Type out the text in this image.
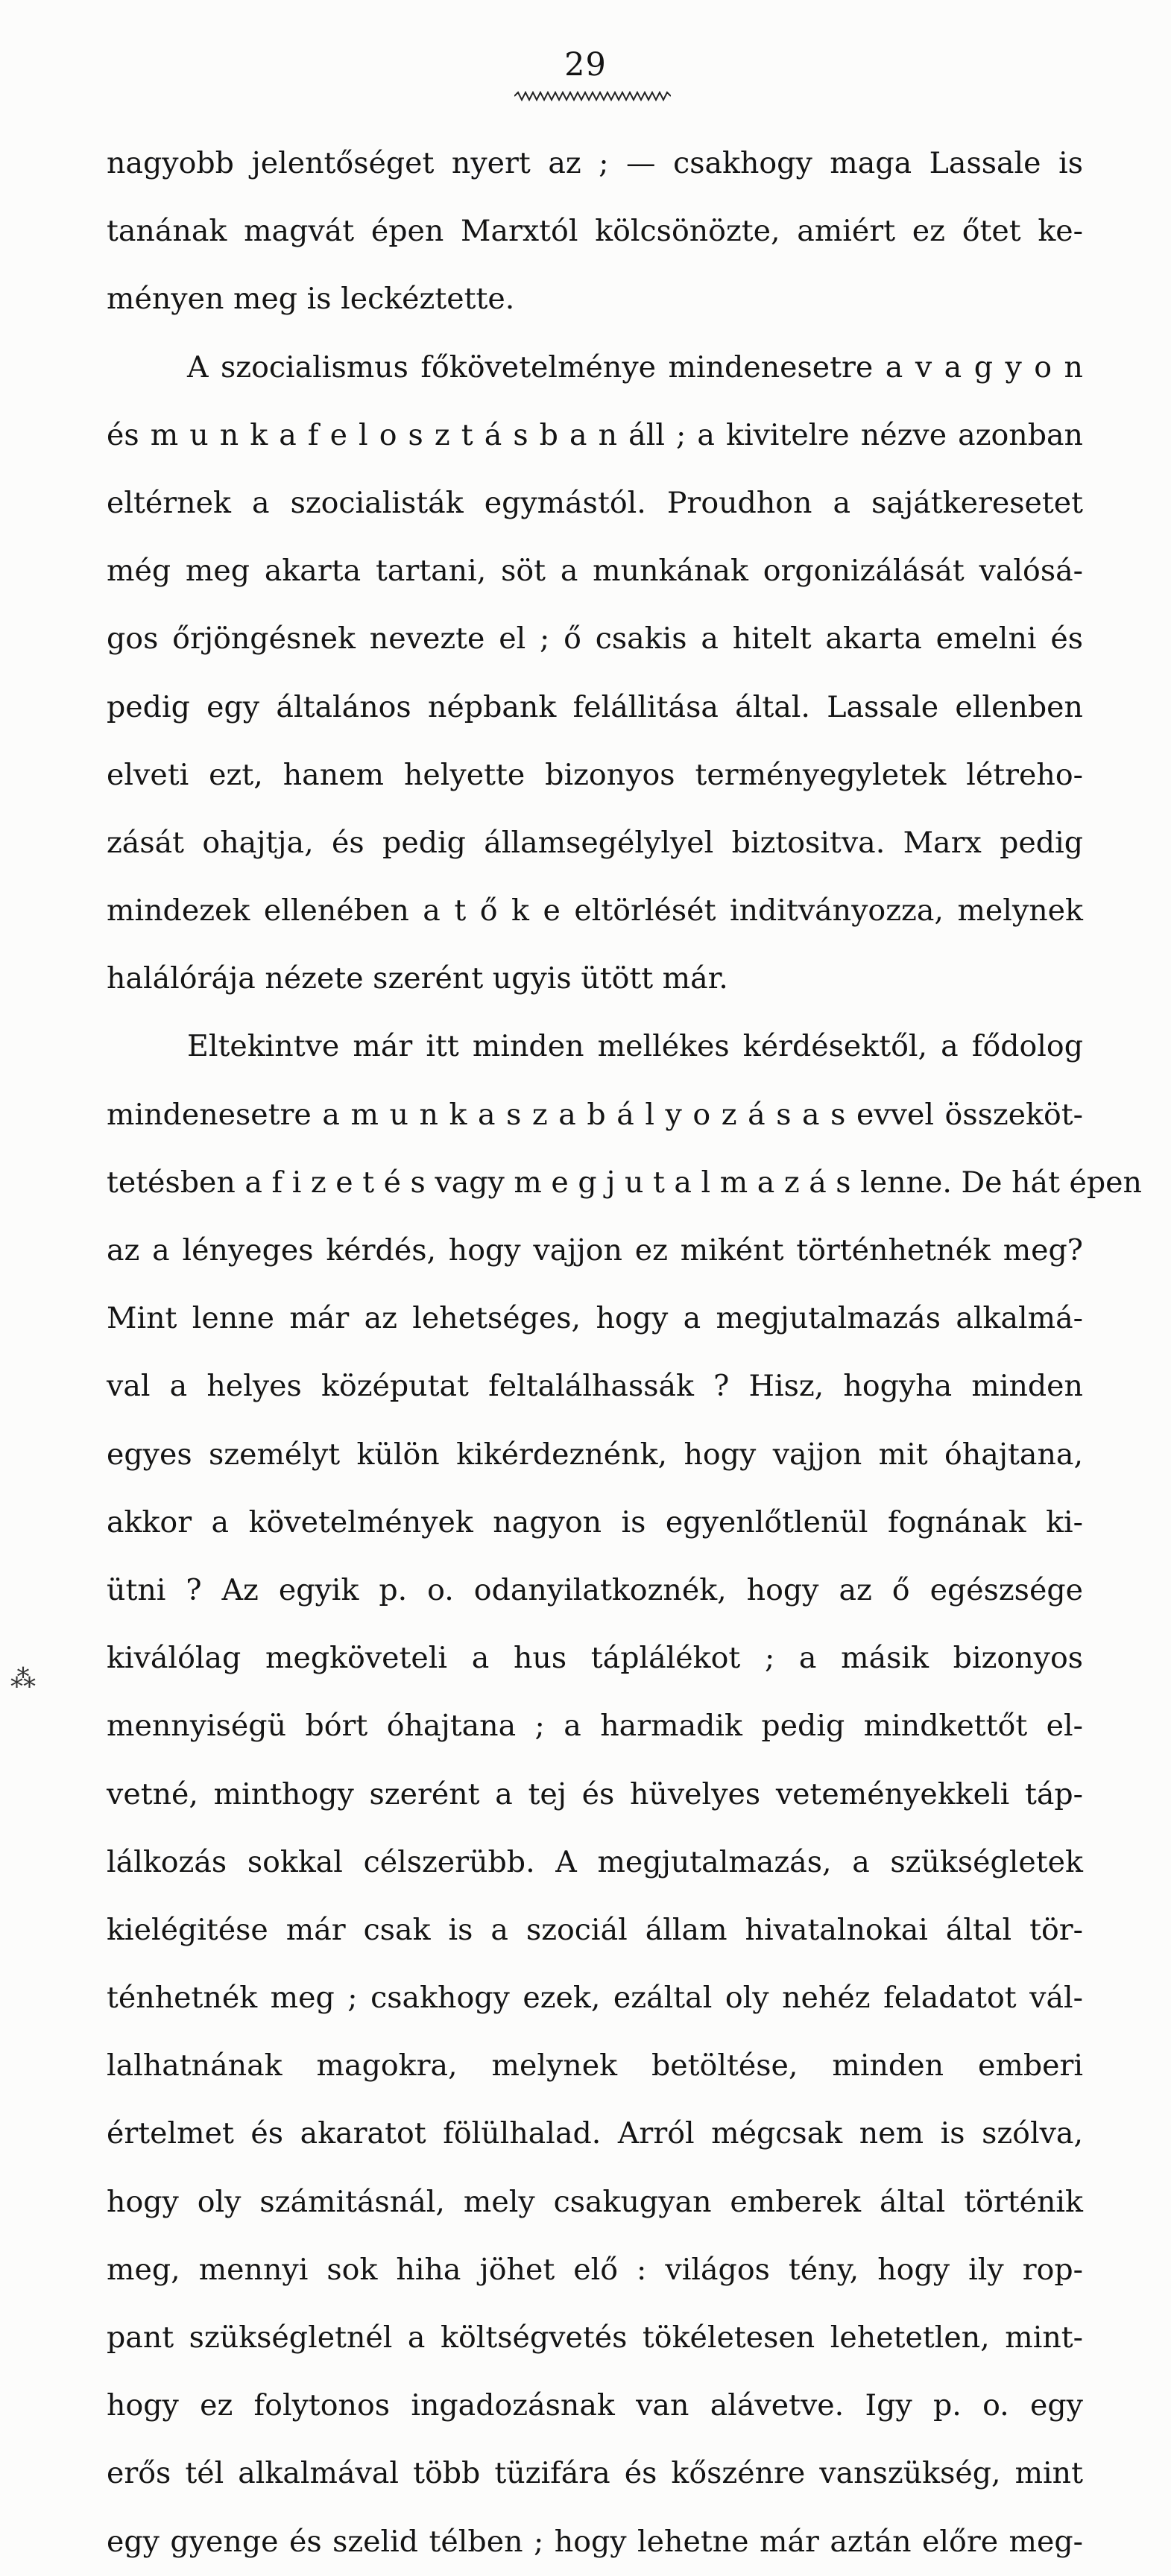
29
⁂
nagyobb jelentőséget nyert az ; — csakhogy maga Lassale is
tanának magvát épen Marxtól kölcsönözte, amiért ez őtet ke-
ményen meg is leckéztette.
A szocialismus főkövetelménye mindenesetre a v a g y o n
és m u n k a f e l o s z t á s b a n áll ; a kivitelre nézve azonban
eltérnek a szocialisták egymástól. Proudhon a sajátkeresetet
még meg akarta tartani, söt a munkának orgonizálását valósá-
gos őrjöngésnek nevezte el ; ő csakis a hitelt akarta emelni és
pedig egy általános népbank felállitása által. Lassale ellenben
elveti ezt, hanem helyette bizonyos terményegyletek létreho-
zását ohajtja, és pedig államsegélylyel biztositva. Marx pedig
mindezek ellenében a t ő k e eltörlését inditványozza, melynek
halálórája nézete szerént ugyis ütött már.
Eltekintve már itt minden mellékes kérdésektől, a fődolog
mindenesetre a m u n k a s z a b á l y o z á s a s evvel összeköt-
tetésben a f i z e t é s vagy m e g j u t a l m a z á s lenne. De hát épen
az a lényeges kérdés, hogy vajjon ez miként történhetnék meg?
Mint lenne már az lehetséges, hogy a megjutalmazás alkalmá-
val a helyes középutat feltalálhassák ? Hisz, hogyha minden
egyes személyt külön kikérdeznénk, hogy vajjon mit óhajtana,
akkor a követelmények nagyon is egyenlőtlenül fognának ki-
ütni ? Az egyik p. o. odanyilatkoznék, hogy az ő egészsége
kiválólag megköveteli a hus táplálékot ; a másik bizonyos
mennyiségü bórt óhajtana ; a harmadik pedig mindkettőt el-
vetné, minthogy szerént a tej és hüvelyes veteményekkeli táp-
lálkozás sokkal célszerübb. A megjutalmazás, a szükségletek
kielégitése már csak is a szociál állam hivatalnokai által tör-
ténhetnék meg ; csakhogy ezek, ezáltal oly nehéz feladatot vál-
lalhatnának magokra, melynek betöltése, minden emberi
értelmet és akaratot fölülhalad. Arról mégcsak nem is szólva,
hogy oly számitásnál, mely csakugyan emberek által történik
meg, mennyi sok hiha jöhet elő : világos tény, hogy ily rop-
pant szükségletnél a költségvetés tökéletesen lehetetlen, mint-
hogy ez folytonos ingadozásnak van alávetve. Igy p. o. egy
erős tél alkalmával több tüzifára és kőszénre vanszükség, mint
egy gyenge és szelid télben ; hogy lehetne már aztán előre meg-
